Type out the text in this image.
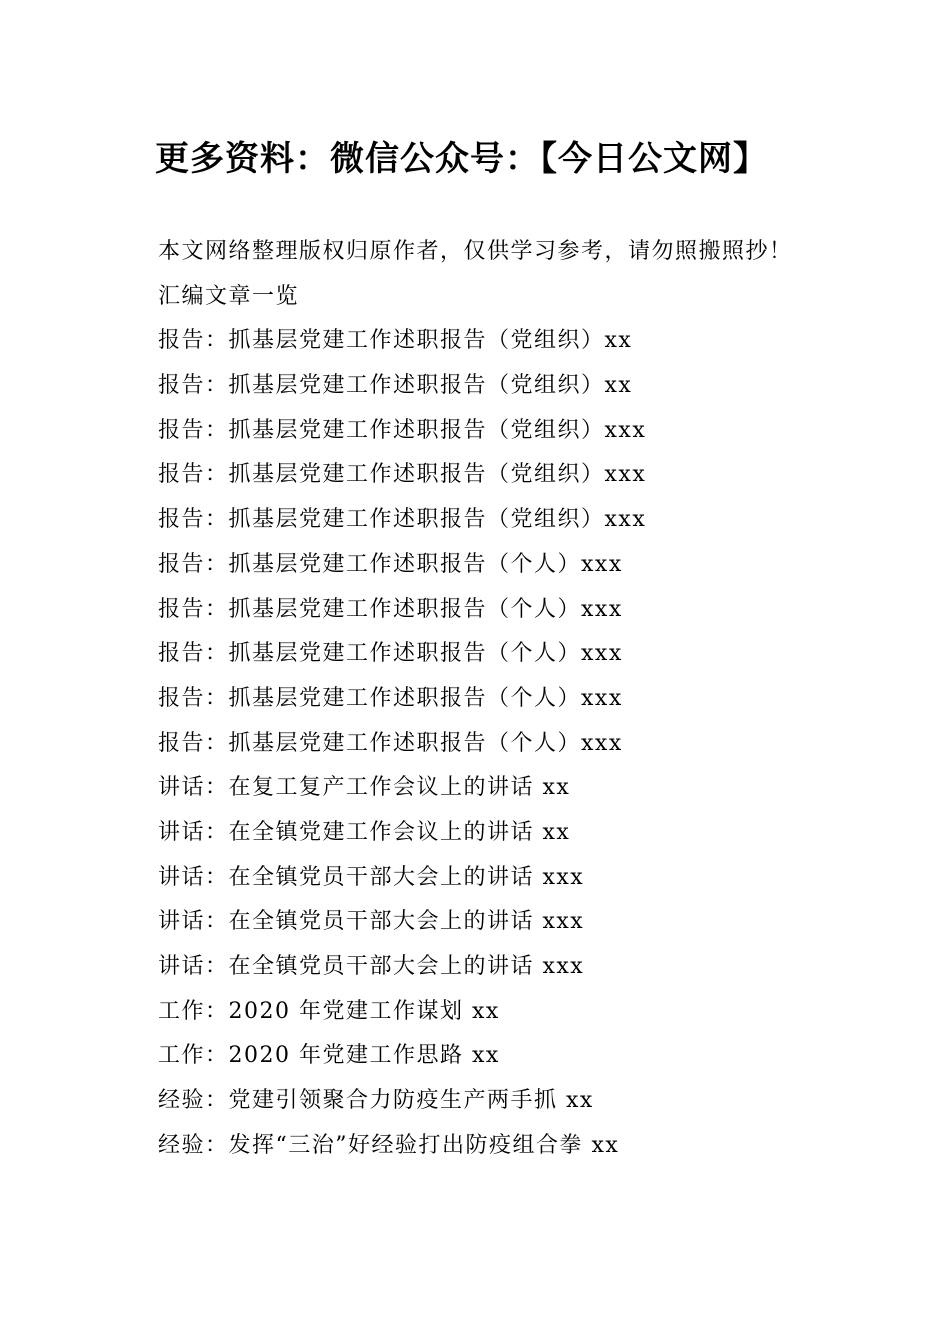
更多资料：微信公众号：【今日公文网】
本文网络整理版权归原作者，仅供学习参考，请勿照搬照抄！
汇编文章一览
报告：抓基层党建工作述职报告（党组织）xx
报告：抓基层党建工作述职报告（党组织）xx
报告：抓基层党建工作述职报告（党组织）xxx
报告：抓基层党建工作述职报告（党组织）xxx
报告：抓基层党建工作述职报告（党组织）xxx
报告：抓基层党建工作述职报告（个人）xxx
报告：抓基层党建工作述职报告（个人）xxx
报告：抓基层党建工作述职报告（个人）xxx
报告：抓基层党建工作述职报告（个人）xxx
报告：抓基层党建工作述职报告（个人）xxx
讲话：在复工复产工作会议上的讲话 xx
讲话：在全镇党建工作会议上的讲话 xx
讲话：在全镇党员干部大会上的讲话 xxx
讲话：在全镇党员干部大会上的讲话 xxx
讲话：在全镇党员干部大会上的讲话 xxx
工作：2020 年党建工作谋划 xx
工作：2020 年党建工作思路 xx
经验：党建引领聚合力防疫生产两手抓 xx
经验：发挥“三治”好经验打出防疫组合拳 xx
